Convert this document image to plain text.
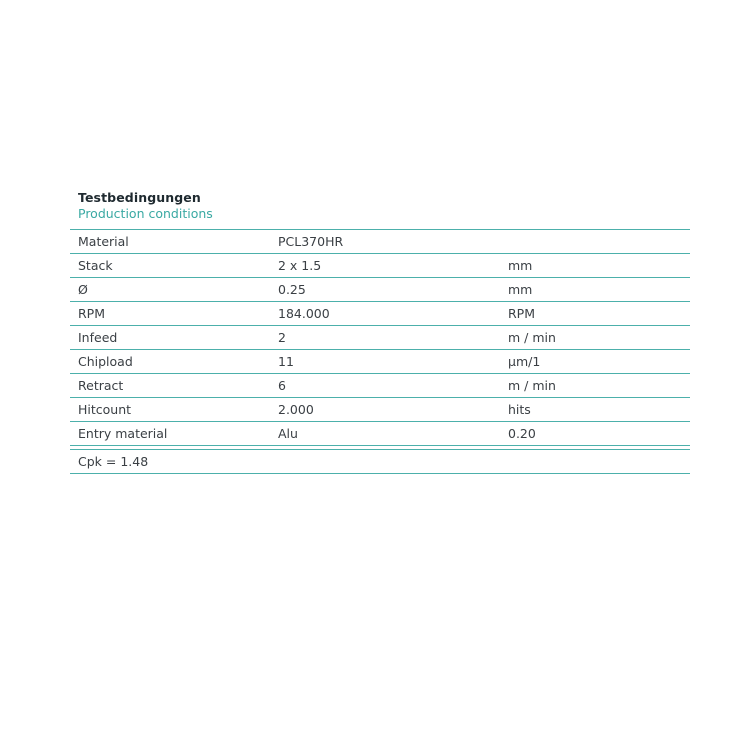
Testbedingungen
Production conditions
Material	PCL370HR
Stack	2 x 1.5	mm
Ø	0.25	mm
RPM	184.000	RPM
Infeed	2	m / min
Chipload	11	µm/1
Retract	6	m / min
Hitcount	2.000	hits
Entry material	Alu	0.20
Cpk = 1.48
